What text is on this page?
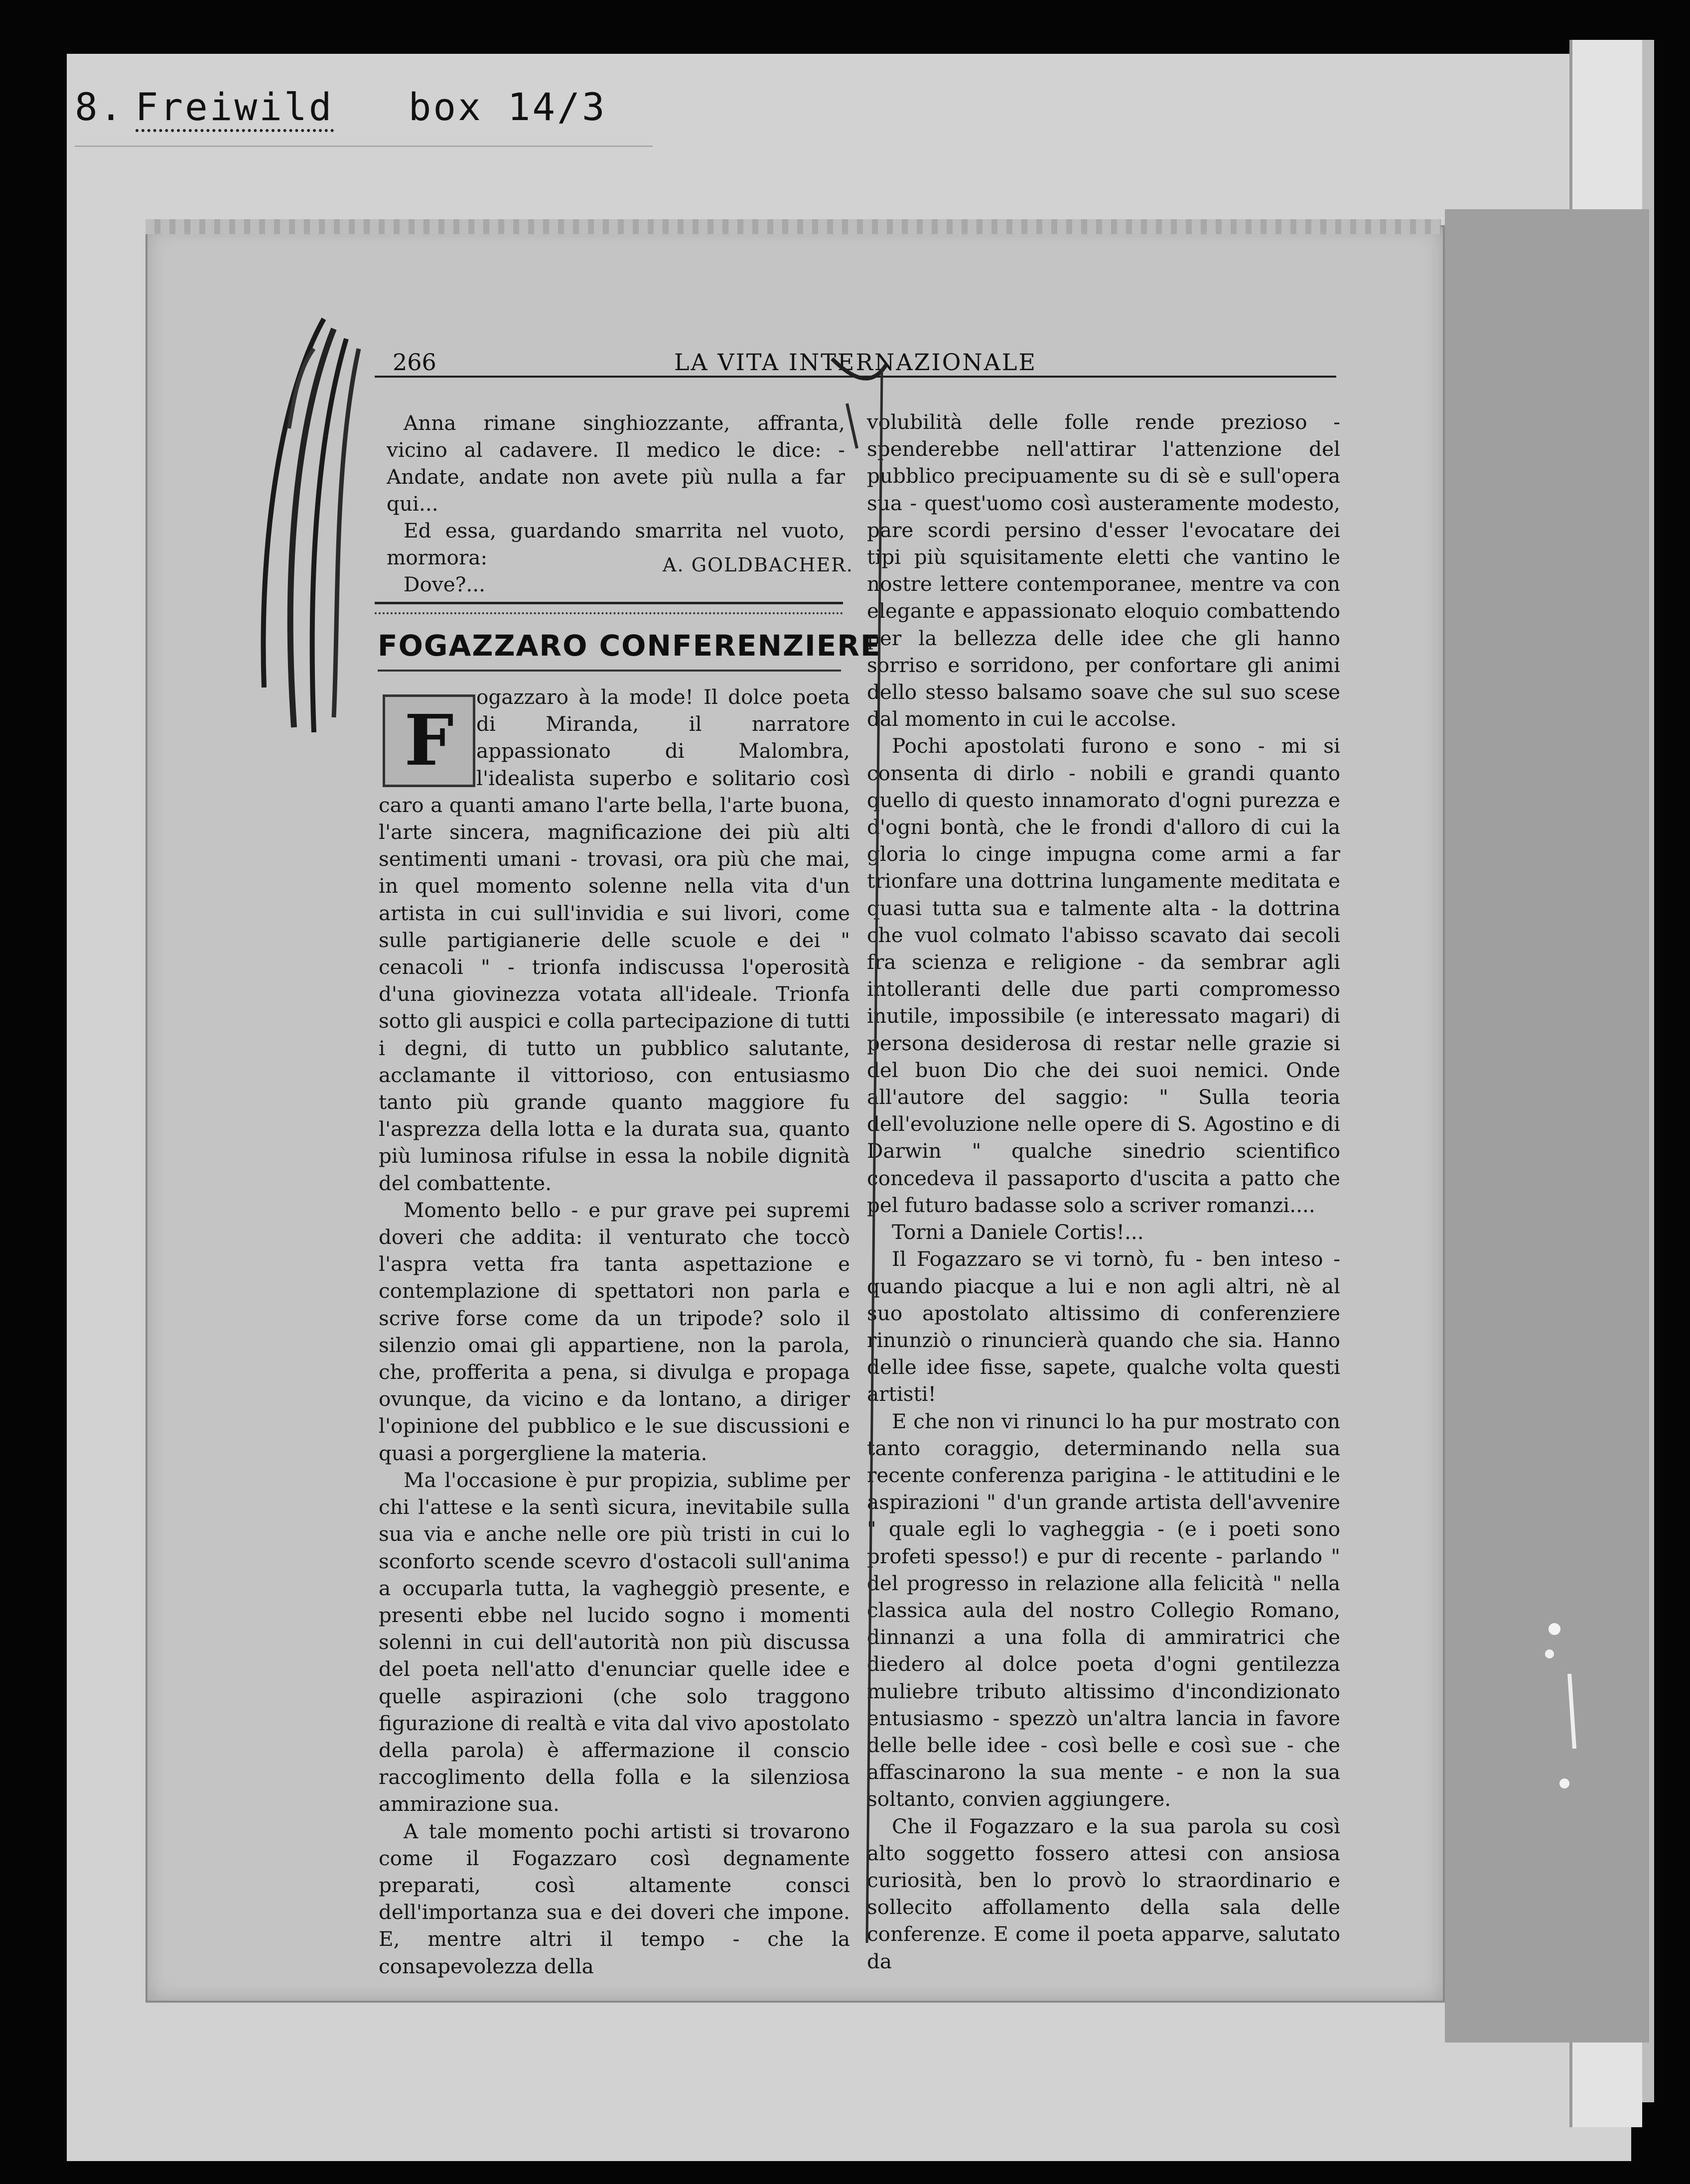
8. Freiwild box 14/3
266	LA VITA INTERNAZIONALE

Anna rimane singhiozzante, affranta, vicino al cadavere. Il medico le dice: - Andate, andate non avete più nulla a far qui...

Ed essa, guardando smarrita nel vuoto, mormora:

Dove?...

A. GOLDBACHER.
FOGAZZARO CONFERENZIERE
F

ogazzaro à la mode! Il dolce poeta di Miranda, il narratore appassionato di Malombra, l'idealista superbo e solitario così caro a quanti amano l'arte bella, l'arte buona, l'arte sincera, magnificazione dei più alti sentimenti umani - trovasi, ora più che mai, in quel momento solenne nella vita d'un artista in cui sull'invidia e sui livori, come sulle partigianerie delle scuole e dei " cenacoli " - trionfa indiscussa l'operosità d'una giovinezza votata all'ideale. Trionfa sotto gli auspici e colla partecipazione di tutti i degni, di tutto un pubblico salutante, acclamante il vittorioso, con entusiasmo tanto più grande quanto maggiore fu l'asprezza della lotta e la durata sua, quanto più luminosa rifulse in essa la nobile dignità del combattente.

Momento bello - e pur grave pei supremi doveri che addita: il venturato che toccò l'aspra vetta fra tanta aspettazione e contemplazione di spettatori non parla e scrive forse come da un tripode? solo il silenzio omai gli appartiene, non la parola, che, profferita a pena, si divulga e propaga ovunque, da vicino e da lontano, a diriger l'opinione del pubblico e le sue discussioni e quasi a porgergliene la materia.

Ma l'occasione è pur propizia, sublime per chi l'attese e la sentì sicura, inevitabile sulla sua via e anche nelle ore più tristi in cui lo sconforto scende scevro d'ostacoli sull'anima a occuparla tutta, la vagheggiò presente, e presenti ebbe nel lucido sogno i momenti solenni in cui dell'autorità non più discussa del poeta nell'atto d'enunciar quelle idee e quelle aspirazioni (che solo traggono figurazione di realtà e vita dal vivo apostolato della parola) è affermazione il conscio raccoglimento della folla e la silenziosa ammirazione sua.

A tale momento pochi artisti si trovarono come il Fogazzaro così degnamente preparati, così altamente consci dell'importanza sua e dei doveri che impone. E, mentre altri il tempo - che la consapevolezza della

volubilità delle folle rende prezioso - spenderebbe nell'attirar l'attenzione del pubblico precipuamente su di sè e sull'opera sua - quest'uomo così austeramente modesto, pare scordi persino d'esser l'evocatare dei tipi più squisitamente eletti che vantino le nostre lettere contemporanee, mentre va con elegante e appassionato eloquio combattendo per la bellezza delle idee che gli hanno sorriso e sorridono, per confortare gli animi dello stesso balsamo soave che sul suo scese dal momento in cui le accolse.

Pochi apostolati furono e sono - mi si consenta di dirlo - nobili e grandi quanto quello di questo innamorato d'ogni purezza e d'ogni bontà, che le frondi d'alloro di cui la gloria lo cinge impugna come armi a far trionfare una dottrina lungamente meditata e quasi tutta sua e talmente alta - la dottrina che vuol colmato l'abisso scavato dai secoli fra scienza e religione - da sembrar agli intolleranti delle due parti compromesso inutile, impossibile (e interessato magari) di persona desiderosa di restar nelle grazie si del buon Dio che dei suoi nemici. Onde all'autore del saggio: " Sulla teoria dell'evoluzione nelle opere di S. Agostino e di Darwin " qualche sinedrio scientifico concedeva il passaporto d'uscita a patto che pel futuro badasse solo a scriver romanzi....

Torni a Daniele Cortis!...

Il Fogazzaro se vi tornò, fu - ben inteso - quando piacque a lui e non agli altri, nè al suo apostolato altissimo di conferenziere rinunziò o rinuncierà quando che sia. Hanno delle idee fisse, sapete, qualche volta questi artisti!

E che non vi rinunci lo ha pur mostrato con tanto coraggio, determinando nella sua recente conferenza parigina - le attitudini e le aspirazioni " d'un grande artista dell'avvenire " quale egli lo vagheggia - (e i poeti sono profeti spesso!) e pur di recente - parlando " del progresso in relazione alla felicità " nella classica aula del nostro Collegio Romano, dinnanzi a una folla di ammiratrici che diedero al dolce poeta d'ogni gentilezza muliebre tributo altissimo d'incondizionato entusiasmo - spezzò un'altra lancia in favore delle belle idee - così belle e così sue - che affascinarono la sua mente - e non la sua soltanto, convien aggiungere.

Che il Fogazzaro e la sua parola su così alto soggetto fossero attesi con ansiosa curiosità, ben lo provò lo straordinario e sollecito affollamento della sala delle conferenze. E come il poeta apparve, salutato da
